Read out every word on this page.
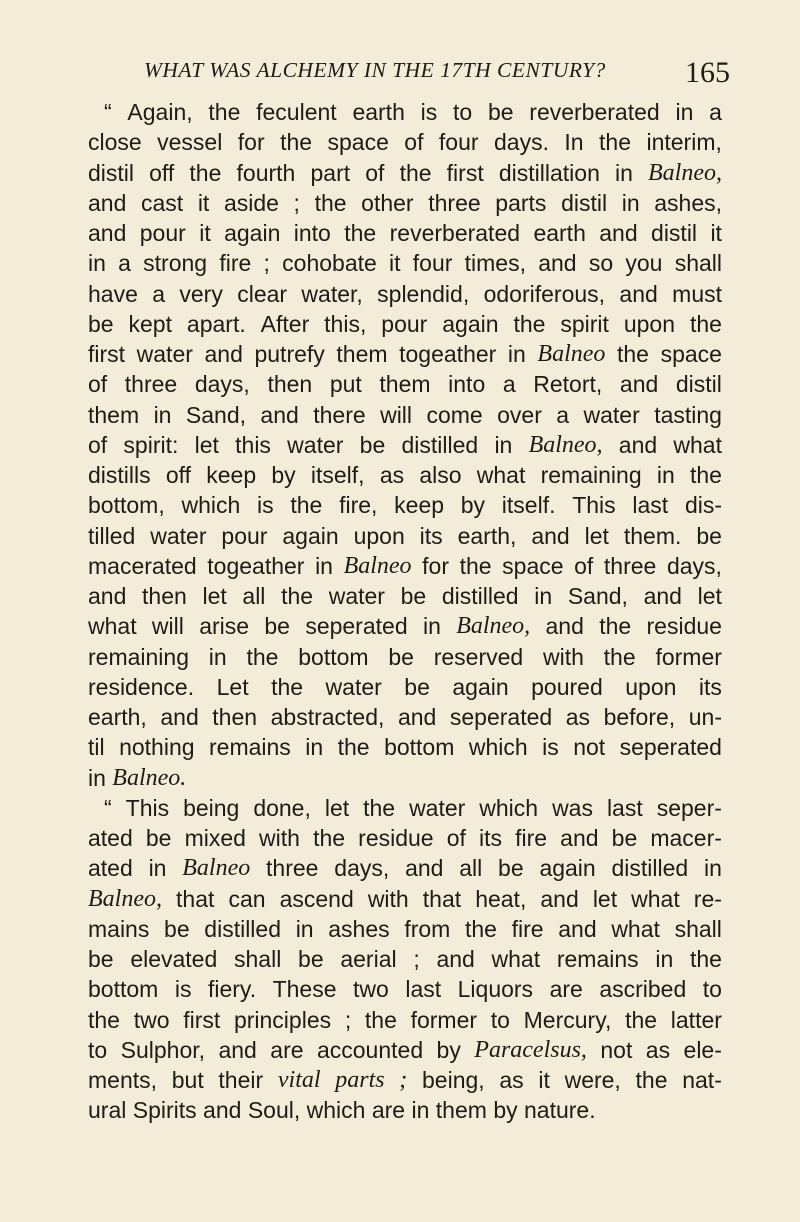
WHAT WAS ALCHEMY IN THE 17TH CENTURY?	165
“ Again, the feculent earth is to be reverberated in a
close vessel for the space of four days. In the interim,
distil off the fourth part of the first distillation in Balneo,
and cast it aside ; the other three parts distil in ashes,
and pour it again into the reverberated earth and distil it
in a strong fire ; cohobate it four times, and so you shall
have a very clear water, splendid, odoriferous, and must
be kept apart. After this, pour again the spirit upon the
first water and putrefy them togeather in Balneo the space
of three days, then put them into a Retort, and distil
them in Sand, and there will come over a water tasting
of spirit: let this water be distilled in Balneo, and what
distills off keep by itself, as also what remaining in the
bottom, which is the fire, keep by itself. This last dis-
tilled water pour again upon its earth, and let them. be
macerated togeather in Balneo for the space of three days,
and then let all the water be distilled in Sand, and let
what will arise be seperated in Balneo, and the residue
remaining in the bottom be reserved with the former
residence. Let the water be again poured upon its
earth, and then abstracted, and seperated as before, un-
til nothing remains in the bottom which is not seperated
in
Balneo.

“ This being done, let the water which was last seper-
ated be mixed with the residue of its fire and be macer-
ated in Balneo three days, and all be again distilled in
Balneo, that can ascend with that heat, and let what re-
mains be distilled in ashes from the fire and what shall
be elevated shall be aerial ; and what remains in the
bottom is fiery. These two last Liquors are ascribed to
the two first principles ; the former to Mercury, the latter
to Sulphor, and are accounted by Paracelsus, not as ele-
ments, but their vital parts ; being, as it were, the nat-
ural
Spirits
and
Soul,
which
are
in
them
by
nature.
